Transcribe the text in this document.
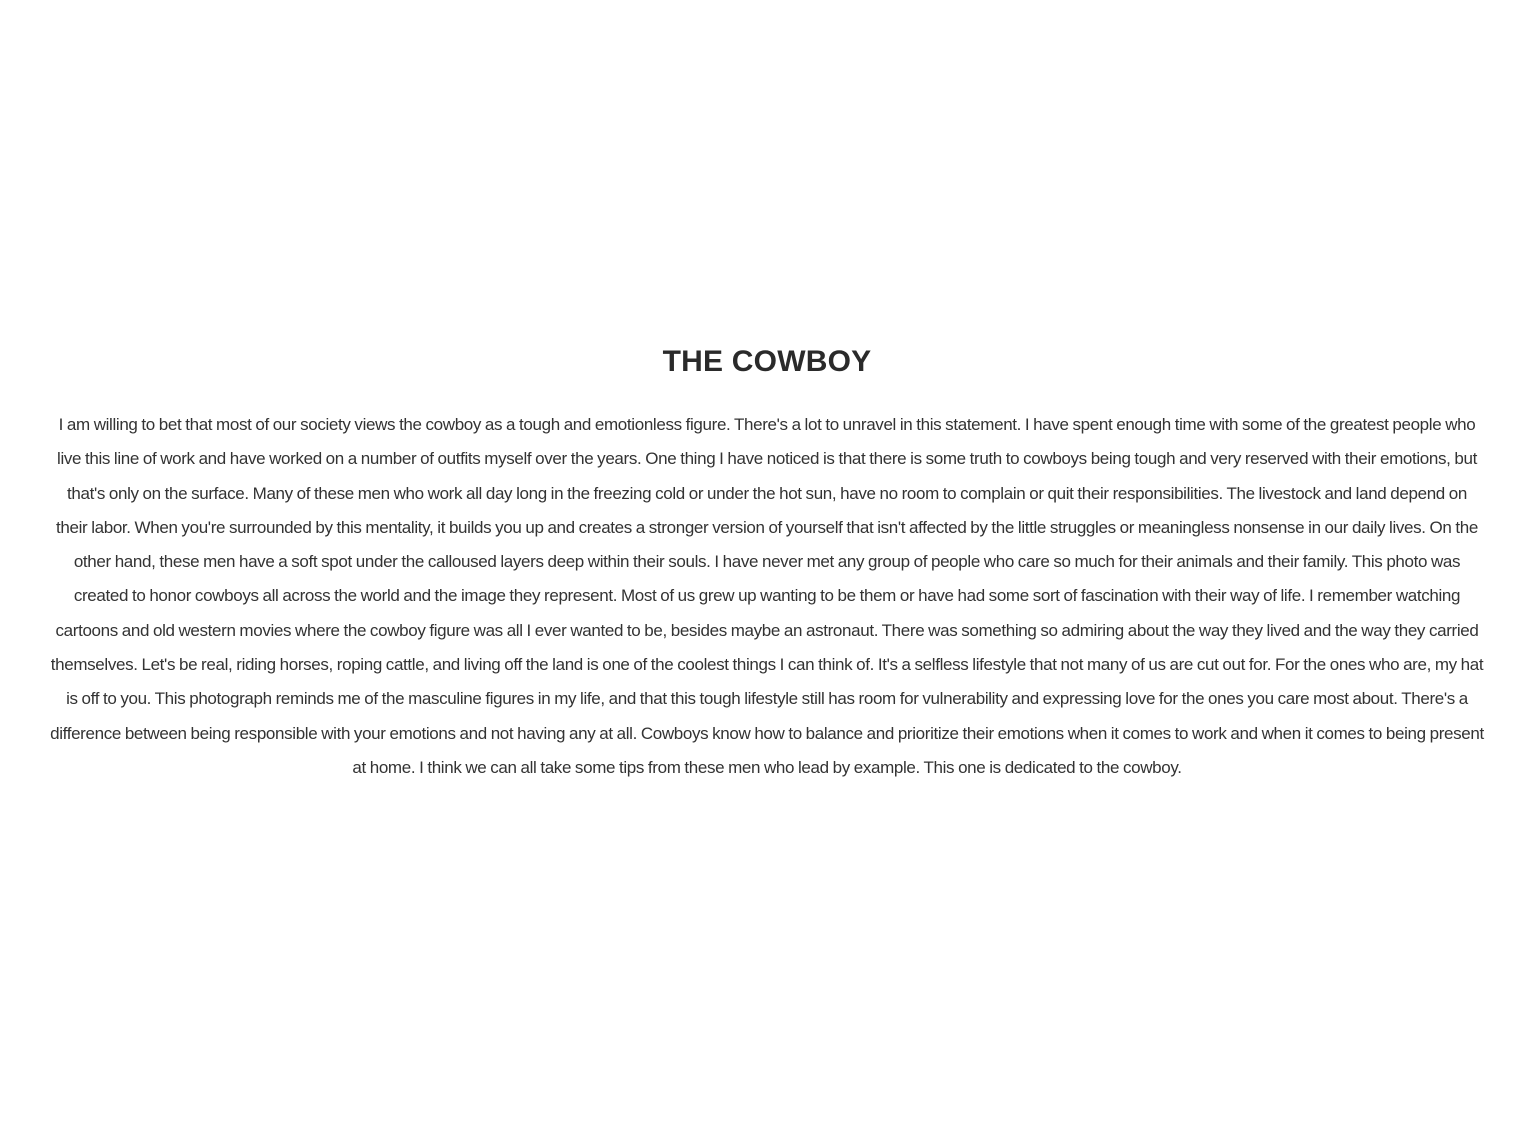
THE COWBOY

I am willing to bet that most of our society views the cowboy as a tough and emotionless figure. There's a lot to unravel in this statement. I have spent enough time with some of the greatest people who live this line of work and have worked on a number of outfits myself over the years. One thing I have noticed is that there is some truth to cowboys being tough and very reserved with their emotions, but that's only on the surface. Many of these men who work all day long in the freezing cold or under the hot sun, have no room to complain or quit their responsibilities. The livestock and land depend on their labor. When you're surrounded by this mentality, it builds you up and creates a stronger version of yourself that isn't affected by the little struggles or meaningless nonsense in our daily lives. On the other hand, these men have a soft spot under the calloused layers deep within their souls. I have never met any group of people who care so much for their animals and their family. This photo was created to honor cowboys all across the world and the image they represent. Most of us grew up wanting to be them or have had some sort of fascination with their way of life. I remember watching cartoons and old western movies where the cowboy figure was all I ever wanted to be, besides maybe an astronaut. There was something so admiring about the way they lived and the way they carried themselves. Let's be real, riding horses, roping cattle, and living off the land is one of the coolest things I can think of. It's a selfless lifestyle that not many of us are cut out for. For the ones who are, my hat is off to you. This photograph reminds me of the masculine figures in my life, and that this tough lifestyle still has room for vulnerability and expressing love for the ones you care most about. There's a difference between being responsible with your emotions and not having any at all. Cowboys know how to balance and prioritize their emotions when it comes to work and when it comes to being present at home. I think we can all take some tips from these men who lead by example. This one is dedicated to the cowboy.
